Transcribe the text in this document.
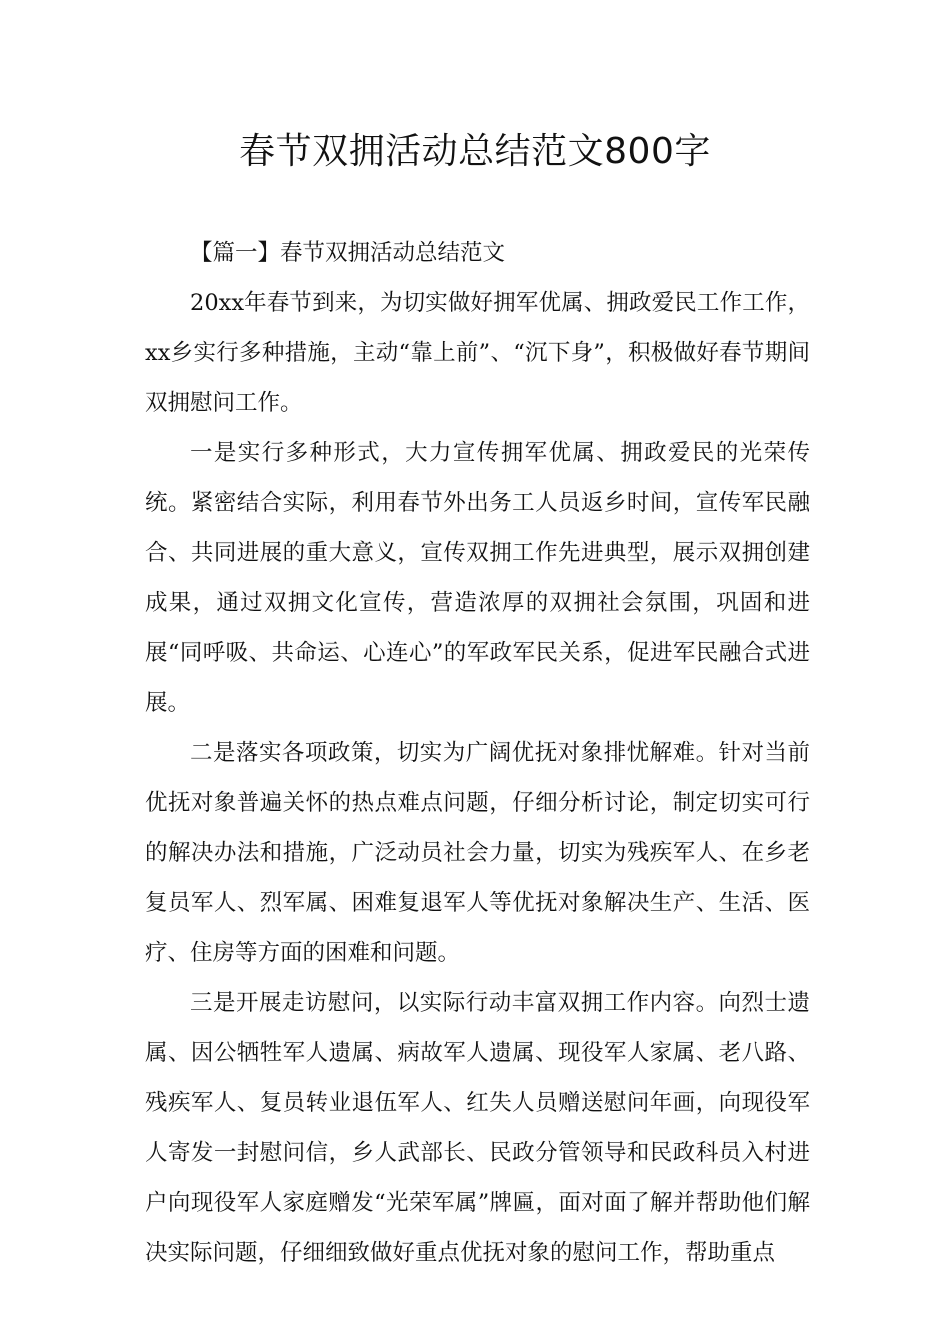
春节双拥活动总结范文800字

【篇一】春节双拥活动总结范文

20xx年春节到来，为切实做好拥军优属、拥政爱民工作工作，xx乡实行多种措施，主动“靠上前”、“沉下身”，积极做好春节期间双拥慰问工作。

一是实行多种形式，大力宣传拥军优属、拥政爱民的光荣传统。紧密结合实际，利用春节外出务工人员返乡时间，宣传军民融合、共同进展的重大意义，宣传双拥工作先进典型，展示双拥创建成果，通过双拥文化宣传，营造浓厚的双拥社会氛围，巩固和进展“同呼吸、共命运、心连心”的军政军民关系，促进军民融合式进展。

二是落实各项政策，切实为广阔优抚对象排忧解难。针对当前优抚对象普遍关怀的热点难点问题，仔细分析讨论，制定切实可行的解决办法和措施，广泛动员社会力量，切实为残疾军人、在乡老复员军人、烈军属、困难复退军人等优抚对象解决生产、生活、医疗、住房等方面的困难和问题。

三是开展走访慰问，以实际行动丰富双拥工作内容。向烈士遗属、因公牺牲军人遗属、病故军人遗属、现役军人家属、老八路、残疾军人、复员转业退伍军人、红失人员赠送慰问年画，向现役军人寄发一封慰问信，乡人武部长、民政分管领导和民政科员入村进户向现役军人家庭赠发“光荣军属”牌匾，面对面了解并帮助他们解决实际问题，仔细细致做好重点优抚对象的慰问工作，帮助重点
